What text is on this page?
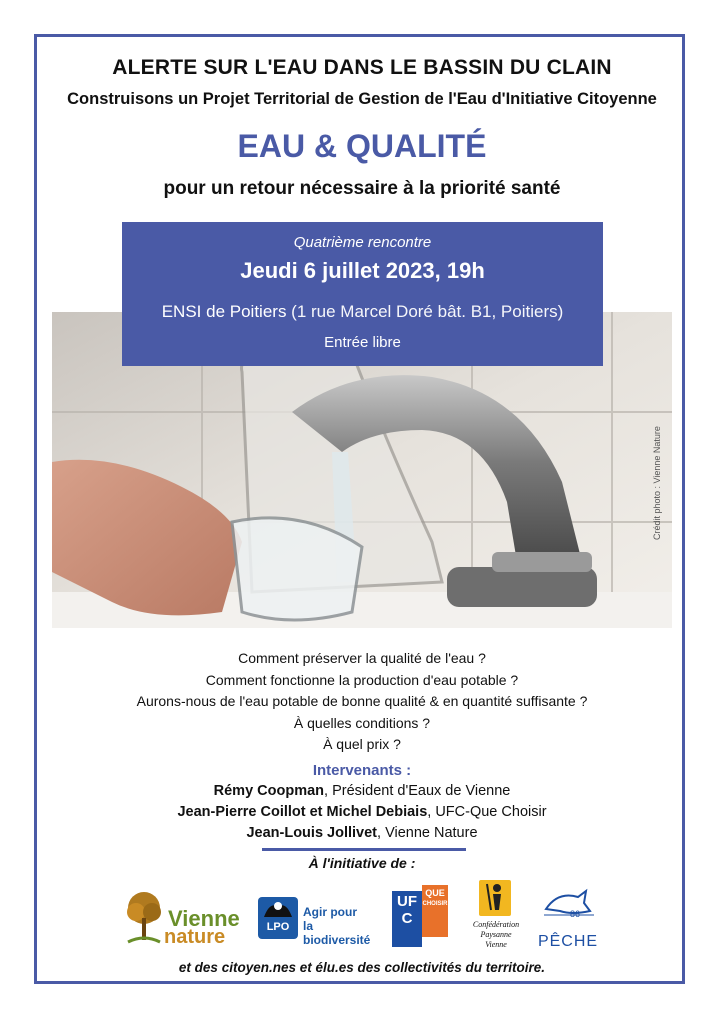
ALERTE SUR L'EAU DANS LE BASSIN DU CLAIN
Construisons un Projet Territorial de Gestion de l'Eau d'Initiative Citoyenne
EAU & QUALITÉ
pour un retour nécessaire à la priorité santé
Crédit photo : Vienne Nature
Quatrième rencontre
Jeudi 6 juillet 2023, 19h
ENSI de Poitiers (1 rue Marcel Doré bât. B1, Poitiers)
Entrée libre
Comment préserver la qualité de l'eau ?
Comment fonctionne la production d'eau potable ?
Aurons-nous de l'eau potable de bonne qualité & en quantité suffisante ?
À quelles conditions ?
À quel prix ?
Intervenants :
Rémy Coopman, Président d'Eaux de Vienne
Jean-Pierre Coillot et Michel Debiais, UFC-Que Choisir
Jean-Louis Jollivet, Vienne Nature
À l'initiative de :
Vienne
nature	LPO
Agir pour
la biodiversité
UFC
QUE
CHOISIR
Confédération
Paysanne
Vienne
86
PÊCHE
et des citoyen.nes et élu.es des collectivités du territoire.
